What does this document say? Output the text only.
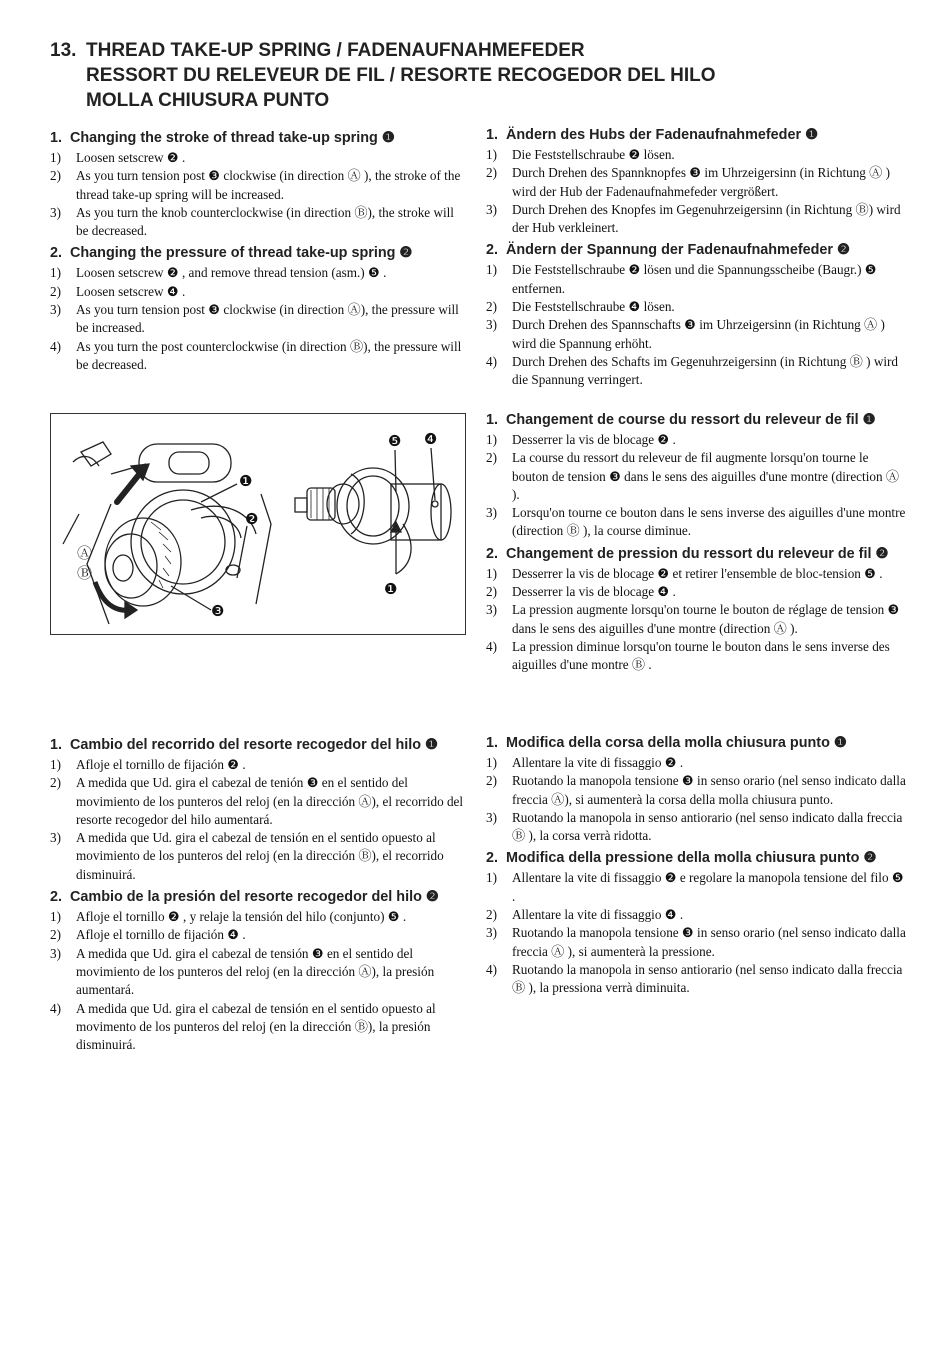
13. THREAD TAKE-UP SPRING / FADENAUFNAHMEFEDER
RESSORT DU RELEVEUR DE FIL / RESORTE RECOGEDOR DEL HILO
MOLLA CHIUSURA PUNTO
1. Changing the stroke of thread take-up spring ❶
1)	Loosen setscrew ❷ .
2)	As you turn tension post ❸ clockwise (in direction Ⓐ ), the stroke of the thread take-up spring will be increased.
3)	As you turn the knob counterclockwise (in direction Ⓑ), the stroke will be decreased.
2. Changing the pressure of thread take-up spring ❷
1)	Loosen setscrew ❷ , and remove thread tension (asm.) ❺ .
2)	Loosen setscrew ❹ .
3)	As you turn tension post ❸ clockwise (in direction Ⓐ), the pressure will be increased.
4)	As you turn the post counterclockwise (in direction Ⓑ), the pressure will be decreased.
1. Ändern des Hubs der Fadenaufnahmefeder ❶
1)	Die Feststellschraube ❷ lösen.
2)	Durch Drehen des Spannknopfes ❸ im Uhrzeigersinn (in Richtung Ⓐ ) wird der Hub der Fadenaufnahmefeder vergrößert.
3)	Durch Drehen des Knopfes im Gegenuhrzeigersinn (in Richtung Ⓑ) wird der Hub verkleinert.
2. Ändern der Spannung der Fadenaufnahmefeder ❷
1)	Die Feststellschraube ❷ lösen und die Spannungsscheibe (Baugr.) ❺ entfernen.
2)	Die Feststellschraube ❹ lösen.
3)	Durch Drehen des Spannschafts ❸ im Uhrzeigersinn (in Richtung Ⓐ ) wird die Spannung erhöht.
4)	Durch Drehen des Schafts im Gegenuhrzeigersinn (in Richtung Ⓑ ) wird die Spannung verringert.
❶
❷
❸
Ⓐ
Ⓑ
❺ ❹
❶
1. Changement de course du ressort du releveur de fil ❶
1)	Desserrer la vis de blocage ❷ .
2)	La course du ressort du releveur de fil augmente lorsqu'on tourne le bouton de tension ❸ dans le sens des aiguilles d'une montre (direction Ⓐ ).
3)	Lorsqu'on tourne ce bouton dans le sens inverse des aiguilles d'une montre (direction Ⓑ ), la course diminue.
2. Changement de pression du ressort du releveur de fil ❷
1)	Desserrer la vis de blocage ❷ et retirer l'ensemble de bloc-tension ❺ .
2)	Desserrer la vis de blocage ❹ .
3)	La pression augmente lorsqu'on tourne le bouton de réglage de tension ❸ dans le sens des aiguilles d'une montre (direction Ⓐ ).
4)	La pression diminue lorsqu'on tourne le bouton dans le sens inverse des aiguilles d'une montre Ⓑ .
1. Cambio del recorrido del resorte recogedor del hilo ❶
1)	Afloje el tornillo de fijación ❷ .
2)	A medida que Ud. gira el cabezal de tenión ❸ en el sentido del movimiento de los punteros del reloj (en la dirección Ⓐ), el recorrido del resorte recogedor del hilo aumentará.
3)	A medida que Ud. gira el cabezal de tensión en el sentido opuesto al movimiento de los punteros del reloj (en la dirección Ⓑ), el recorrido disminuirá.
2. Cambio de la presión del resorte recogedor del hilo ❷
1)	Afloje el tornillo ❷ , y relaje la tensión del hilo (conjunto) ❺ .
2)	Afloje el tornillo de fijación ❹ .
3)	A medida que Ud. gira el cabezal de tensión ❸ en el sentido del movimiento de los punteros del reloj (en la dirección Ⓐ), la presión aumentará.
4)	A medida que Ud. gira el cabezal de tensión en el sentido opuesto al movimento de los punteros del reloj (en la dirección Ⓑ), la presión disminuirá.
1. Modifica della corsa della molla chiusura punto ❶
1)	Allentare la vite di fissaggio ❷ .
2)	Ruotando la manopola tensione ❸ in senso orario (nel senso indicato dalla freccia Ⓐ), si aumenterà la corsa della molla chiusura punto.
3)	Ruotando la manopola in senso antiorario (nel senso indicato dalla freccia Ⓑ ), la corsa verrà ridotta.
2. Modifica della pressione della molla chiusura punto ❷
1)	Allentare la vite di fissaggio ❷ e regolare la manopola tensione del filo ❺ .
2)	Allentare la vite di fissaggio ❹ .
3)	Ruotando la manopola tensione ❸ in senso orario (nel senso indicato dalla freccia Ⓐ ), si aumenterà la pressione.
4)	Ruotando la manopola in senso antiorario (nel senso indicato dalla freccia Ⓑ ), la pressiona verrà diminuita.
